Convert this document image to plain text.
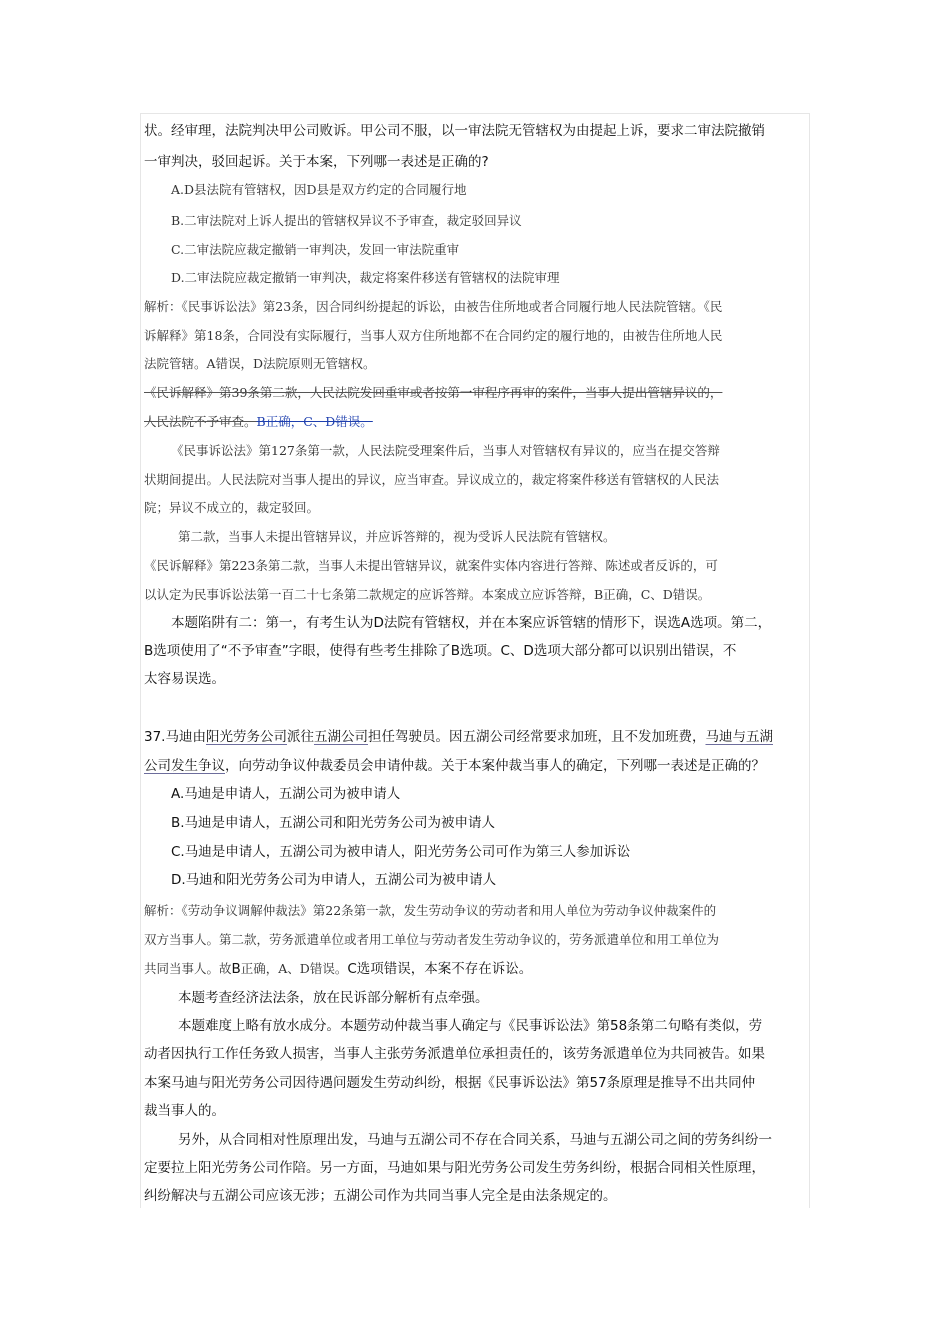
状。经审理，法院判决甲公司败诉。甲公司不服，以一审法院无管辖权为由提起上诉，要求二审法院撤销
一审判决，驳回起诉。关于本案，下列哪一表述是正确的?
A.D县法院有管辖权，因D县是双方约定的合同履行地
B.二审法院对上诉人提出的管辖权异议不予审查，裁定驳回异议
C.二审法院应裁定撤销一审判决，发回一审法院重审
D.二审法院应裁定撤销一审判决，裁定将案件移送有管辖权的法院审理
解析：《民事诉讼法》第23条，因合同纠纷提起的诉讼，由被告住所地或者合同履行地人民法院管辖。《民
诉解释》第18条，合同没有实际履行，当事人双方住所地都不在合同约定的履行地的，由被告住所地人民
法院管辖。A错误，D法院原则无管辖权。
《民诉解释》第39条第二款，人民法院发回重审或者按第一审程序再审的案件，当事人提出管辖异议的，
人民法院不予审查。B正确，C、D错误。
《民事诉讼法》第127条第一款，人民法院受理案件后，当事人对管辖权有异议的，应当在提交答辩
状期间提出。人民法院对当事人提出的异议，应当审查。异议成立的，裁定将案件移送有管辖权的人民法
院；异议不成立的，裁定驳回。
第二款，当事人未提出管辖异议，并应诉答辩的，视为受诉人民法院有管辖权。
《民诉解释》第223条第二款，当事人未提出管辖异议，就案件实体内容进行答辩、陈述或者反诉的，可
以认定为民事诉讼法第一百二十七条第二款规定的应诉答辩。本案成立应诉答辩，B正确，C、D错误。
本题陷阱有二：第一，有考生认为D法院有管辖权，并在本案应诉管辖的情形下，误选A选项。第二，
B选项使用了“不予审查”字眼，使得有些考生排除了B选项。C、D选项大部分都可以识别出错误，不
太容易误选。
37.马迪由阳光劳务公司派往五湖公司担任驾驶员。因五湖公司经常要求加班，且不发加班费，马迪与五湖
公司发生争议，向劳动争议仲裁委员会申请仲裁。关于本案仲裁当事人的确定，下列哪一表述是正确的？
A.马迪是申请人，五湖公司为被申请人
B.马迪是申请人，五湖公司和阳光劳务公司为被申请人
C.马迪是申请人，五湖公司为被申请人，阳光劳务公司可作为第三人参加诉讼
D.马迪和阳光劳务公司为申请人，五湖公司为被申请人
解析：《劳动争议调解仲裁法》第22条第一款，发生劳动争议的劳动者和用人单位为劳动争议仲裁案件的
双方当事人。第二款，劳务派遣单位或者用工单位与劳动者发生劳动争议的，劳务派遣单位和用工单位为
共同当事人。故B正确，A、D错误。C选项错误，本案不存在诉讼。
本题考查经济法法条，放在民诉部分解析有点牵强。
本题难度上略有放水成分。本题劳动仲裁当事人确定与《民事诉讼法》第58条第二句略有类似，劳
动者因执行工作任务致人损害，当事人主张劳务派遣单位承担责任的，该劳务派遣单位为共同被告。如果
本案马迪与阳光劳务公司因待遇问题发生劳动纠纷，根据《民事诉讼法》第57条原理是推导不出共同仲
裁当事人的。
另外，从合同相对性原理出发，马迪与五湖公司不存在合同关系，马迪与五湖公司之间的劳务纠纷一
定要拉上阳光劳务公司作陪。另一方面，马迪如果与阳光劳务公司发生劳务纠纷，根据合同相关性原理，
纠纷解决与五湖公司应该无涉；五湖公司作为共同当事人完全是由法条规定的。
